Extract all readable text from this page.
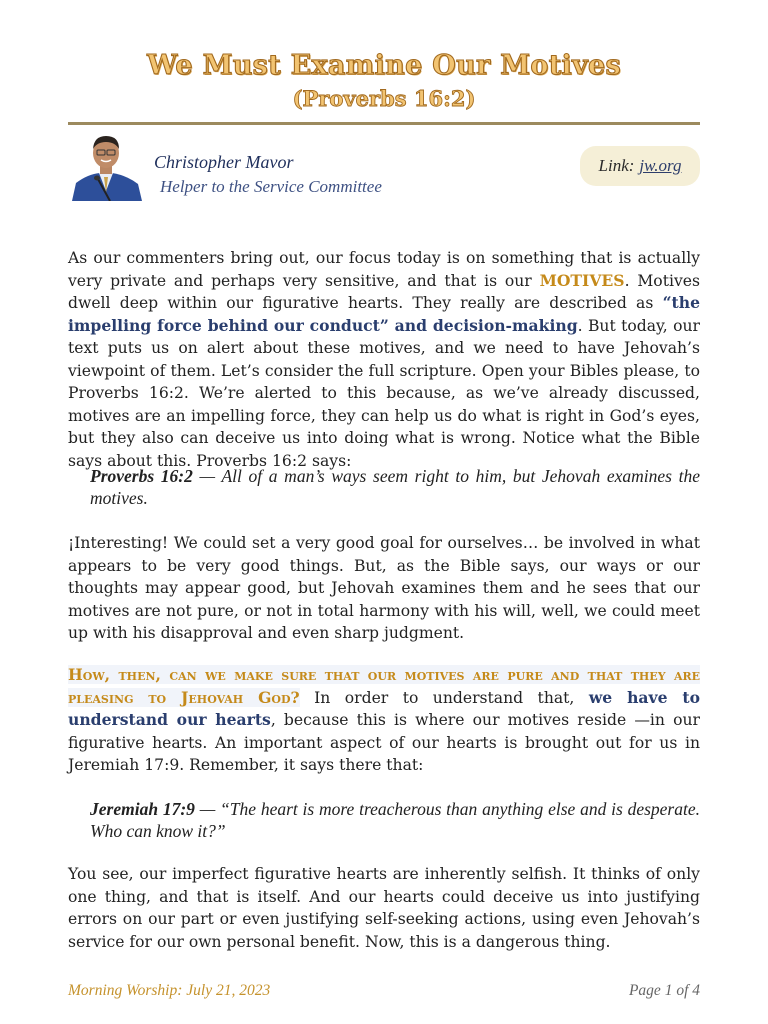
We Must Examine Our Motives
(Proverbs 16:2)
Christopher Mavor
Helper to the Service Committee
Link: jw.org
As our commenters bring out, our focus today is on something that is actually very private and perhaps very sensitive, and that is our MOTIVES. Motives dwell deep within our figurative hearts. They really are described as “the impelling force behind our conduct” and decision-making. But today, our text puts us on alert about these motives, and we need to have Jehovah’s viewpoint of them. Let’s consider the full scripture. Open your Bibles please, to Proverbs 16:2. We’re alerted to this because, as we’ve already discussed, motives are an impelling force, they can help us do what is right in God’s eyes, but they also can deceive us into doing what is wrong. Notice what the Bible says about this. Proverbs 16:2 says:
Proverbs 16:2 — All of a man’s ways seem right to him, but Jehovah examines the motives.
¡Interesting! We could set a very good goal for ourselves… be involved in what appears to be very good things. But, as the Bible says, our ways or our thoughts may appear good, but Jehovah examines them and he sees that our motives are not pure, or not in total harmony with his will, well, we could meet up with his disapproval and even sharp judgment.
How, then, can we make sure that our motives are pure and that they are pleasing to Jehovah God? In order to understand that, we have to understand our hearts, because this is where our motives reside —in our figurative hearts. An important aspect of our hearts is brought out for us in Jeremiah 17:9. Remember, it says there that:
Jeremiah 17:9 — “The heart is more treacherous than anything else and is desperate. Who can know it?”
You see, our imperfect figurative hearts are inherently selfish. It thinks of only one thing, and that is itself. And our hearts could deceive us into justifying errors on our part or even justifying self-seeking actions, using even Jehovah’s service for our own personal benefit. Now, this is a dangerous thing.
Morning Worship: July 21, 2023	Page 1 of 4
